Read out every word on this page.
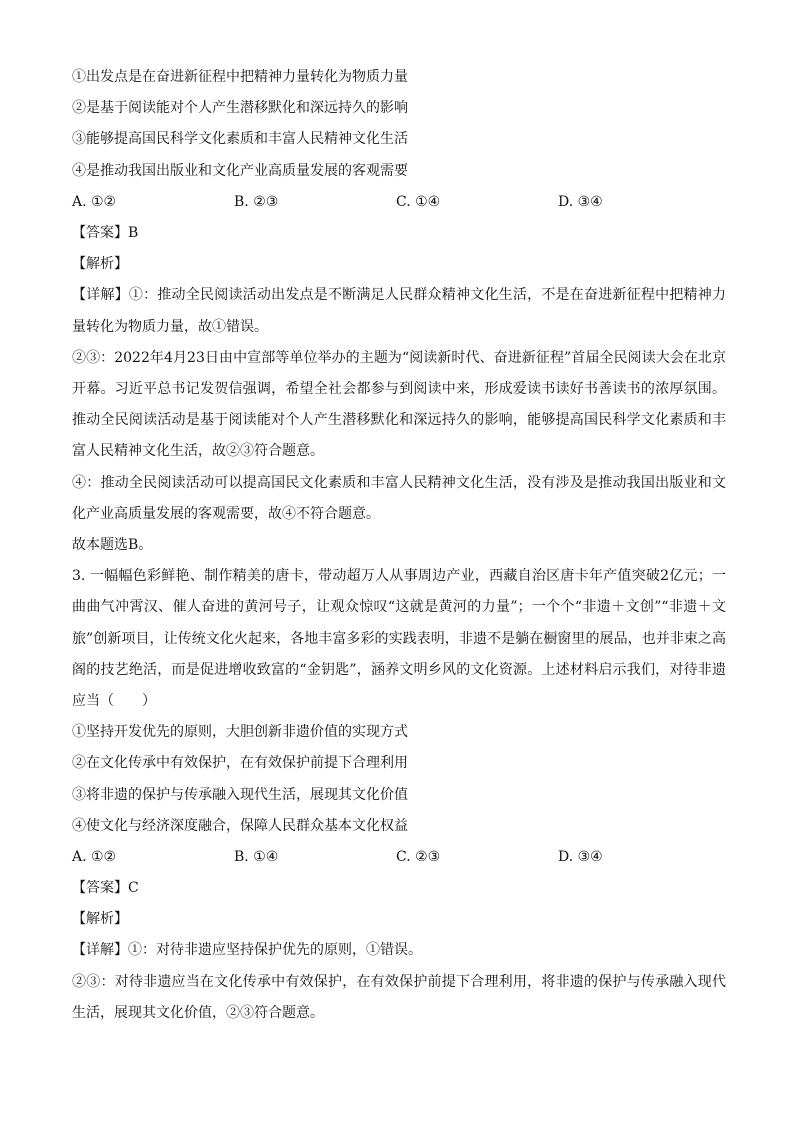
①出发点是在奋进新征程中把精神力量转化为物质力量
②是基于阅读能对个人产生潜移默化和深远持久的影响
③能够提高国民科学文化素质和丰富人民精神文化生活
④是推动我国出版业和文化产业高质量发展的客观需要
A. ①②	B. ②③	C. ①④	D. ③④
【答案】B
【解析】
【详解】①：推动全民阅读活动出发点是不断满足人民群众精神文化生活，不是在奋进新征程中把精神力量转化为物质力量，故①错误。
②③：2022年4月23日由中宣部等单位举办的主题为“阅读新时代、奋进新征程”首届全民阅读大会在北京开幕。习近平总书记发贺信强调，希望全社会都参与到阅读中来，形成爱读书读好书善读书的浓厚氛围。推动全民阅读活动是基于阅读能对个人产生潜移默化和深远持久的影响，能够提高国民科学文化素质和丰富人民精神文化生活，故②③符合题意。
④：推动全民阅读活动可以提高国民文化素质和丰富人民精神文化生活，没有涉及是推动我国出版业和文化产业高质量发展的客观需要，故④不符合题意。
故本题选B。
3. 一幅幅色彩鲜艳、制作精美的唐卡，带动超万人从事周边产业，西藏自治区唐卡年产值突破2亿元；一曲曲气冲霄汉、催人奋进的黄河号子，让观众惊叹“这就是黄河的力量”；一个个“非遗＋文创”“非遗＋文旅”创新项目，让传统文化火起来，各地丰富多彩的实践表明，非遗不是躺在橱窗里的展品，也并非束之高阁的技艺绝活，而是促进增收致富的“金钥匙”，涵养文明乡风的文化资源。上述材料启示我们，对待非遗应当（　　）
①坚持开发优先的原则，大胆创新非遗价值的实现方式
②在文化传承中有效保护，在有效保护前提下合理利用
③将非遗的保护与传承融入现代生活，展现其文化价值
④使文化与经济深度融合，保障人民群众基本文化权益
A. ①②	B. ①④	C. ②③	D. ③④
【答案】C
【解析】
【详解】①：对待非遗应坚持保护优先的原则，①错误。
②③：对待非遗应当在文化传承中有效保护，在有效保护前提下合理利用，将非遗的保护与传承融入现代生活，展现其文化价值，②③符合题意。
